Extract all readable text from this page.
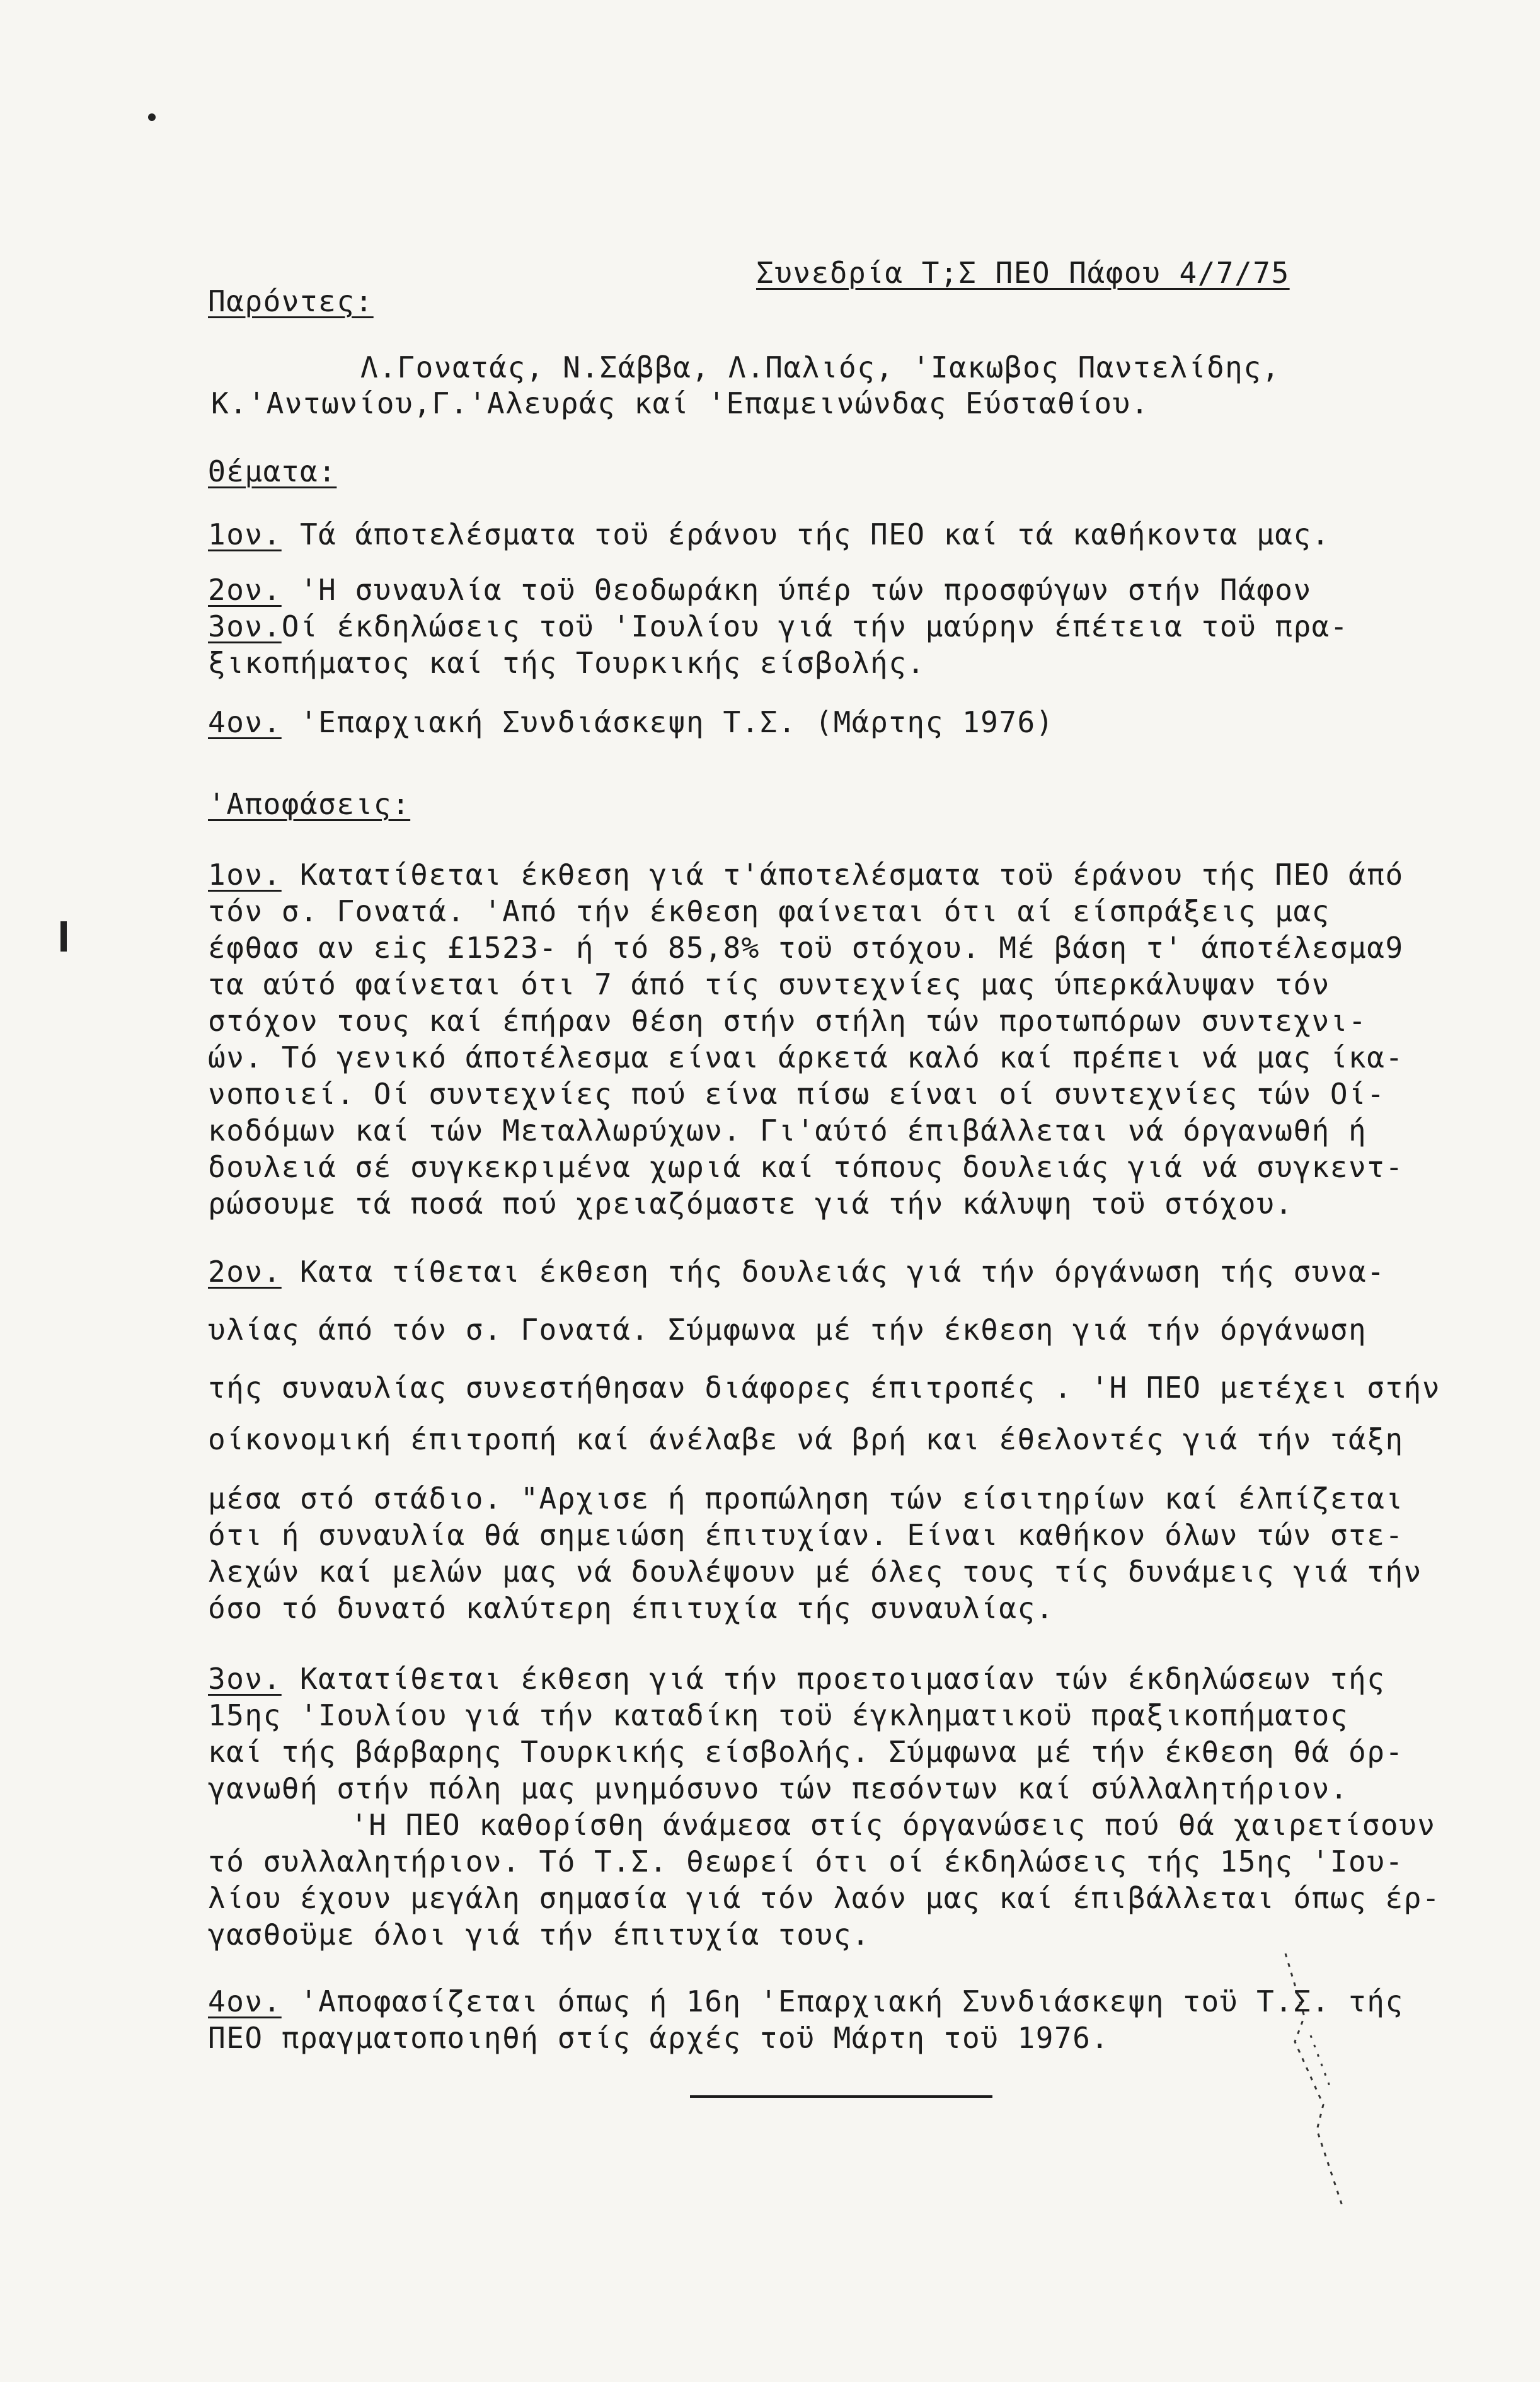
Συνεδρία Τ;Σ ΠΕΟ Πάφου 4/7/75
Παρόντες:
Λ.Γονατάς, Ν.Σάββα, Λ.Παλιός, 'Ιακωβος Παντελίδης,
Κ.'Αντωνίου,Γ.'Αλευράς καί 'Επαμεινώνδας Εύσταθίου.
Θέματα:
1ον. Τά άποτελέσματα τοϋ έράνου τής ΠΕΟ καί τά καθήκοντα μας.
2ον. 'Η συναυλία τοϋ Θεοδωράκη ύπέρ τών προσφύγων στήν Πάφον
3ον.Οί έκδηλώσεις τοϋ 'Ιουλίου γιά τήν μαύρην έπέτεια τοϋ πρα-
ξικοπήματος καί τής Τουρκικής είσβολής.
4ον. 'Επαρχιακή Συνδιάσκεψη Τ.Σ. (Μάρτης 1976)
'Αποφάσεις:
1ον. Κατατίθεται έκθεση γιά τ'άποτελέσματα τοϋ έράνου τής ΠΕΟ άπό
τόν σ. Γονατά. 'Από τήν έκθεση φαίνεται ότι αί είσπράξεις μας
έφθασ αν εiς £1523- ή τό 85,8% τοϋ στόχου. Μέ βάση τ' άποτέλεσμα9
τα αύτό φαίνεται ότι 7 άπό τίς συντεχνίες μας ύπερκάλυψαν τόν
στόχον τους καί έπήραν θέση στήν στήλη τών προτωπόρων συντεχνι-
ών. Τό γενικό άποτέλεσμα είναι άρκετά καλό καί πρέπει νά μας ίκα-
νοποιεί. Οί συντεχνίες πού είνα πίσω είναι οί συντεχνίες τών Οί-
κοδόμων καί τών Μεταλλωρύχων. Γι'αύτό έπιβάλλεται νά όργανωθή ή
δουλειά σέ συγκεκριμένα χωριά καί τόπους δουλειάς γιά νά συγκεντ-
ρώσουμε τά ποσά πού χρειαζόμαστε γιά τήν κάλυψη τοϋ στόχου.
2ον. Κατα τίθεται έκθεση τής δουλειάς γιά τήν όργάνωση τής συνα-
υλίας άπό τόν σ. Γονατά. Σύμφωνα μέ τήν έκθεση γιά τήν όργάνωση
τής συναυλίας συνεστήθησαν διάφορες έπιτροπές . 'Η ΠΕΟ μετέχει στήν
οίκονομική έπιτροπή καί άνέλαβε νά βρή και έθελοντές γιά τήν τάξη
μέσα στό στάδιο. "Αρχισε ή προπώληση τών είσιτηρίων καί έλπίζεται
ότι ή συναυλία θά σημειώση έπιτυχίαν. Είναι καθήκον όλων τών στε-
λεχών καί μελών μας νά δουλέψουν μέ όλες τους τίς δυνάμεις γιά τήν
όσο τό δυνατό καλύτερη έπιτυχία τής συναυλίας.
3ον. Κατατίθεται έκθεση γιά τήν προετοιμασίαν τών έκδηλώσεων τής
15ης 'Ιουλίου γιά τήν καταδίκη τοϋ έγκληματικοϋ πραξικοπήματος
καί τής βάρβαρης Τουρκικής είσβολής. Σύμφωνα μέ τήν έκθεση θά όρ-
γανωθή στήν πόλη μας μνημόσυνο τών πεσόντων καί σύλλαλητήριον.
'Η ΠΕΟ καθορίσθη άνάμεσα στίς όργανώσεις πού θά χαιρετίσουν
τό συλλαλητήριον. Τό Τ.Σ. θεωρεί ότι οί έκδηλώσεις τής 15ης 'Ιου-
λίου έχουν μεγάλη σημασία γιά τόν λαόν μας καί έπιβάλλεται όπως έρ-
γασθοϋμε όλοι γιά τήν έπιτυχία τους.
4ον. 'Αποφασίζεται όπως ή 16η 'Επαρχιακή Συνδιάσκεψη τοϋ Τ.Σ. τής
ΠΕΟ πραγματοποιηθή στίς άρχές τοϋ Μάρτη τοϋ 1976.
